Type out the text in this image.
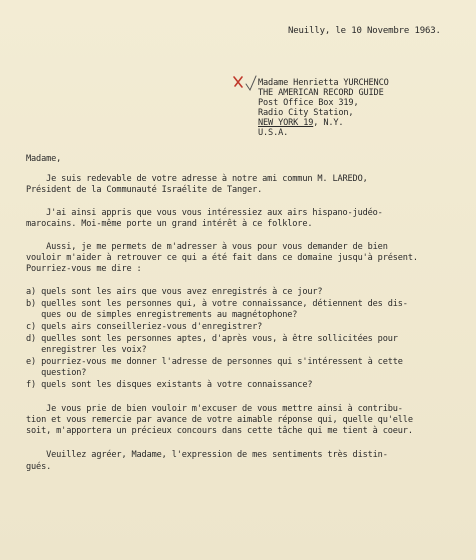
Neuilly, le 10 Novembre 1963.
Madame Henrietta YURCHENCO
THE AMERICAN RECORD GUIDE
Post Office Box 319,
Radio City Station,
NEW YORK 19, N.Y.
U.S.A.
Madame,
Je suis redevable de votre adresse à notre ami commun M. LAREDO,
Président de la Communauté Israélite de Tanger.
J'ai ainsi appris que vous vous intéressiez aux airs hispano-judéo-
marocains. Moi-même porte un grand intérêt à ce folklore.
Aussi, je me permets de m'adresser à vous pour vous demander de bien
vouloir m'aider à retrouver ce qui a été fait dans ce domaine jusqu'à présent.
Pourriez-vous me dire :
a) quels sont les airs que vous avez enregistrés à ce jour?
b) quelles sont les personnes qui, à votre connaissance, détiennent des dis-
ques ou de simples enregistrements au magnétophone?
c) quels airs conseilleriez-vous d'enregistrer?
d) quelles sont les personnes aptes, d'après vous, à être sollicitées pour
enregistrer les voix?
e) pourriez-vous me donner l'adresse de personnes qui s'intéressent à cette
question?
f) quels sont les disques existants à votre connaissance?
Je vous prie de bien vouloir m'excuser de vous mettre ainsi à contribu-
tion et vous remercie par avance de votre aimable réponse qui, quelle qu'elle
soit, m'apportera un précieux concours dans cette tâche qui me tient à coeur.
Veuillez agréer, Madame, l'expression de mes sentiments très distin-
gués.
